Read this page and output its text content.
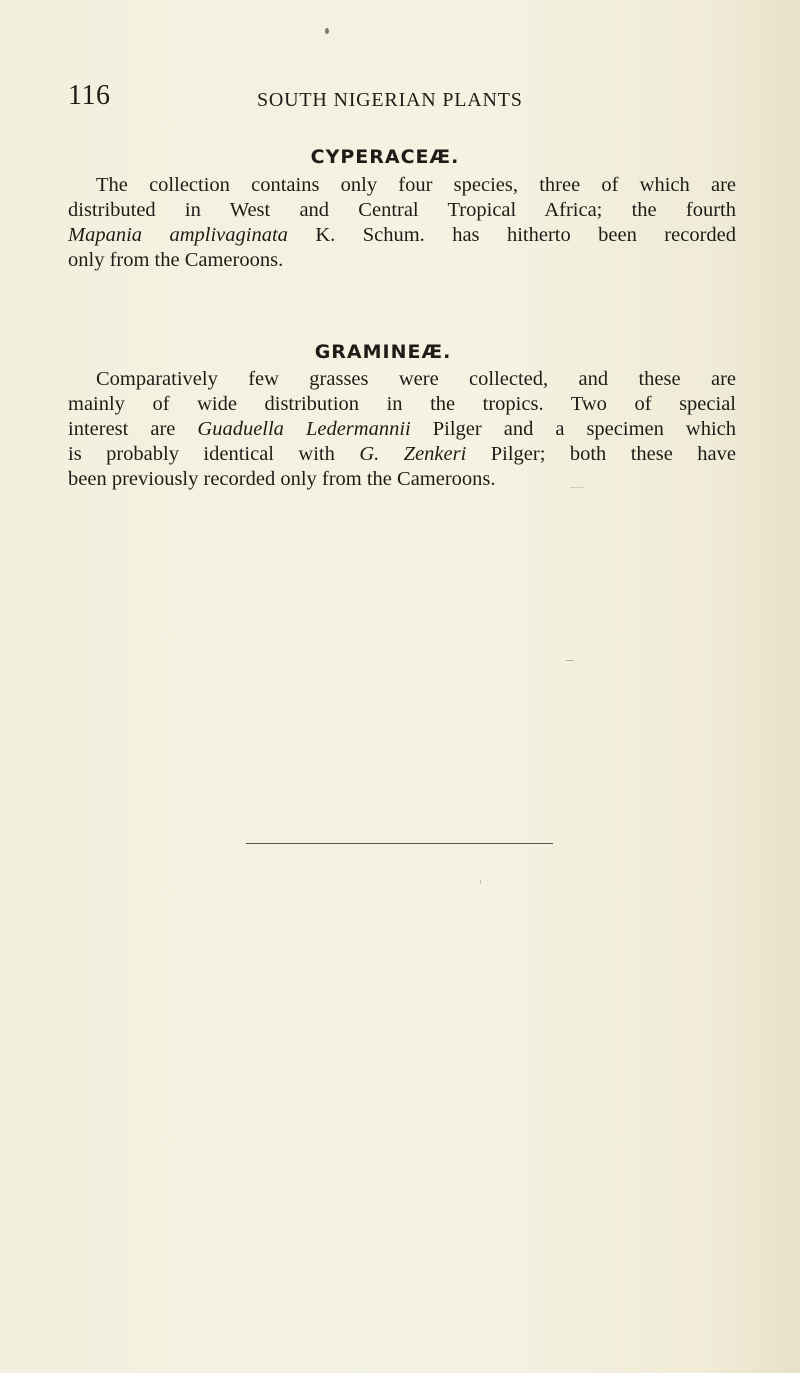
116	SOUTH NIGERIAN PLANTS
CYPERACEÆ.
The collection contains only four species, three of which are
distributed in West and Central Tropical Africa; the fourth
Mapania amplivaginata K. Schum. has hitherto been recorded
only from the Cameroons.
GRAMINEÆ.
Comparatively few grasses were collected, and these are
mainly of wide distribution in the tropics. Two of special
interest are Guaduella Ledermannii Pilger and a specimen which
is probably identical with G. Zenkeri Pilger; both these have
been previously recorded only from the Cameroons.
